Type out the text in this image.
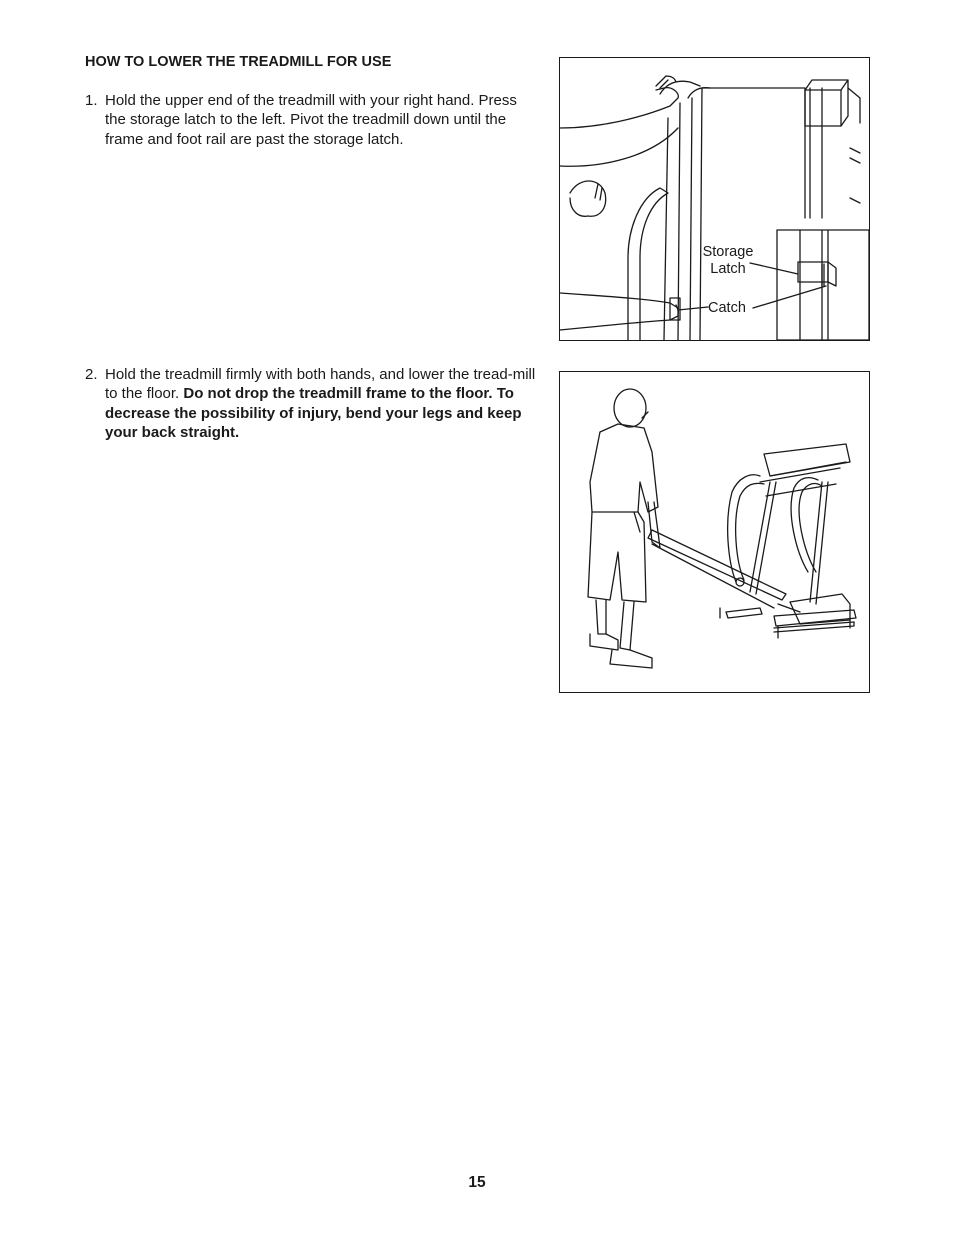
HOW TO LOWER THE TREADMILL FOR USE
1. Hold the upper end of the treadmill with your right hand. Press the storage latch to the left. Pivot the treadmill down until the frame and foot rail are past the storage latch.
2. Hold the treadmill firmly with both hands, and lower the tread-mill to the floor. Do not drop the treadmill frame to the floor. To decrease the possibility of injury, bend your legs and keep your back straight.
Storage
Latch
Catch
15
